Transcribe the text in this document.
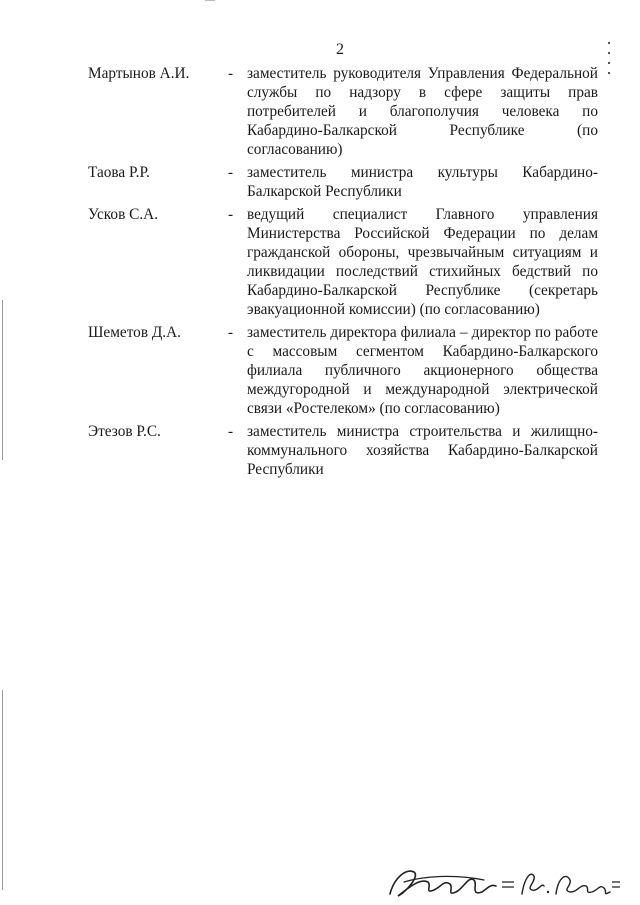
2
Мартынов А.И.	- заместитель руководителя Управления Федеральной службы по надзору в сфере защиты прав потребителей и благополучия человека по Кабардино-Балкарской Республике (по согласованию)
Таова Р.Р.	- заместитель министра культуры Кабардино-Балкарской Республики
Усков С.А.	- ведущий специалист Главного управления Министерства Российской Федерации по делам гражданской обороны, чрезвычайным ситуациям и ликвидации последствий стихийных бедствий по Кабардино-Балкарской Республике (секретарь эвакуационной комиссии) (по согласованию)
Шеметов Д.А.	- заместитель директора филиала – директор по работе с массовым сегментом Кабардино-Балкарского филиала публичного акционерного общества междугородной и международной электрической связи «Ростелеком» (по согласованию)
Этезов Р.С.	- заместитель министра строительства и жилищно-коммунального хозяйства Кабардино-Балкарской Республики
